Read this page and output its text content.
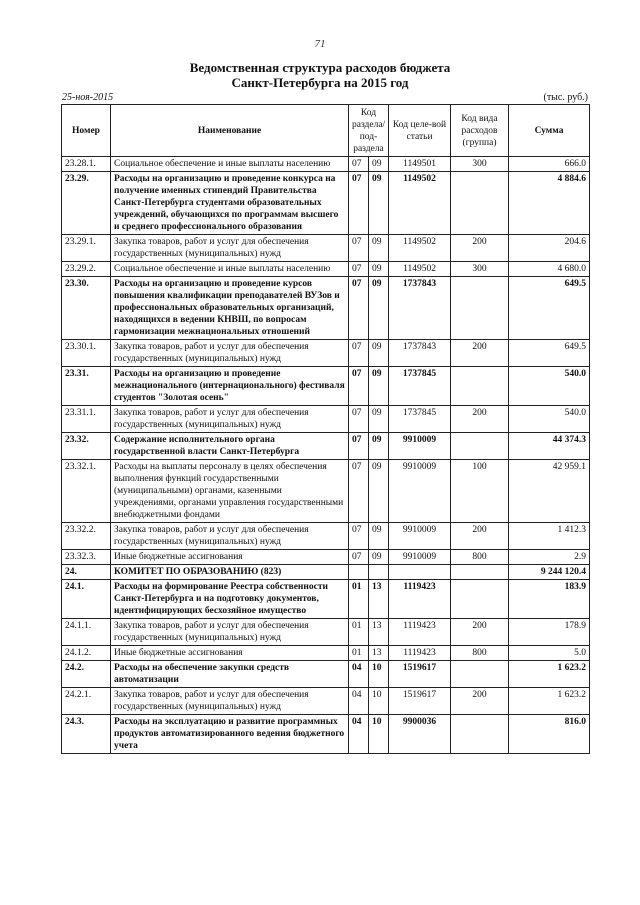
71
Ведомственная структура расходов бюджета
Санкт-Петербурга на 2015 год
25-ноя-2015	(тыс. руб.)
Номер	Наименование	Код раздела/ под-раздела		Код целе-вой статьи	Код вида расходов (группа)	Сумма
23.28.1.	Социальное обеспечение и иные выплаты населению	07	09	1149501	300	666.0
23.29.	Расходы на организацию и проведение конкурса на получение именных стипендий Правительства Санкт-Петербурга студентами образовательных учреждений, обучающихся по программам высшего и среднего профессионального образования	07	09	1149502		4 884.6
23.29.1.	Закупка товаров, работ и услуг для обеспечения государственных (муниципальных) нужд	07	09	1149502	200	204.6
23.29.2.	Социальное обеспечение и иные выплаты населению	07	09	1149502	300	4 680.0
23.30.	Расходы на организацию и проведение курсов повышения квалификации преподавателей ВУЗов и профессиональных образовательных организаций, находящихся в ведении КНВШ, по вопросам гармонизации межнациональных отношений	07	09	1737843		649.5
23.30.1.	Закупка товаров, работ и услуг для обеспечения государственных (муниципальных) нужд	07	09	1737843	200	649.5
23.31.	Расходы на организацию и проведение межнационального (интернационального) фестиваля студентов "Золотая осень"	07	09	1737845		540.0
23.31.1.	Закупка товаров, работ и услуг для обеспечения государственных (муниципальных) нужд	07	09	1737845	200	540.0
23.32.	Содержание исполнительного органа государственной власти Санкт-Петербурга	07	09	9910009		44 374.3
23.32.1.	Расходы на выплаты персоналу в целях обеспечения выполнения функций государственными (муниципальными) органами, казенными учреждениями, органами управления государственными внебюджетными фондами	07	09	9910009	100	42 959.1
23.32.2.	Закупка товаров, работ и услуг для обеспечения государственных (муниципальных) нужд	07	09	9910009	200	1 412.3
23.32.3.	Иные бюджетные ассигнования	07	09	9910009	800	2.9
24.	КОМИТЕТ ПО ОБРАЗОВАНИЮ (823)					9 244 120.4
24.1.	Расходы на формирование Реестра собственности Санкт-Петербурга и на подготовку документов, идентифицирующих бесхозяйное имущество	01	13	1119423		183.9
24.1.1.	Закупка товаров, работ и услуг для обеспечения государственных (муниципальных) нужд	01	13	1119423	200	178.9
24.1.2.	Иные бюджетные ассигнования	01	13	1119423	800	5.0
24.2.	Расходы на обеспечение закупки средств автоматизации	04	10	1519617		1 623.2
24.2.1.	Закупка товаров, работ и услуг для обеспечения государственных (муниципальных) нужд	04	10	1519617	200	1 623.2
24.3.	Расходы на эксплуатацию и развитие программных продуктов автоматизированного ведения бюджетного учета	04	10	9900036		816.0
